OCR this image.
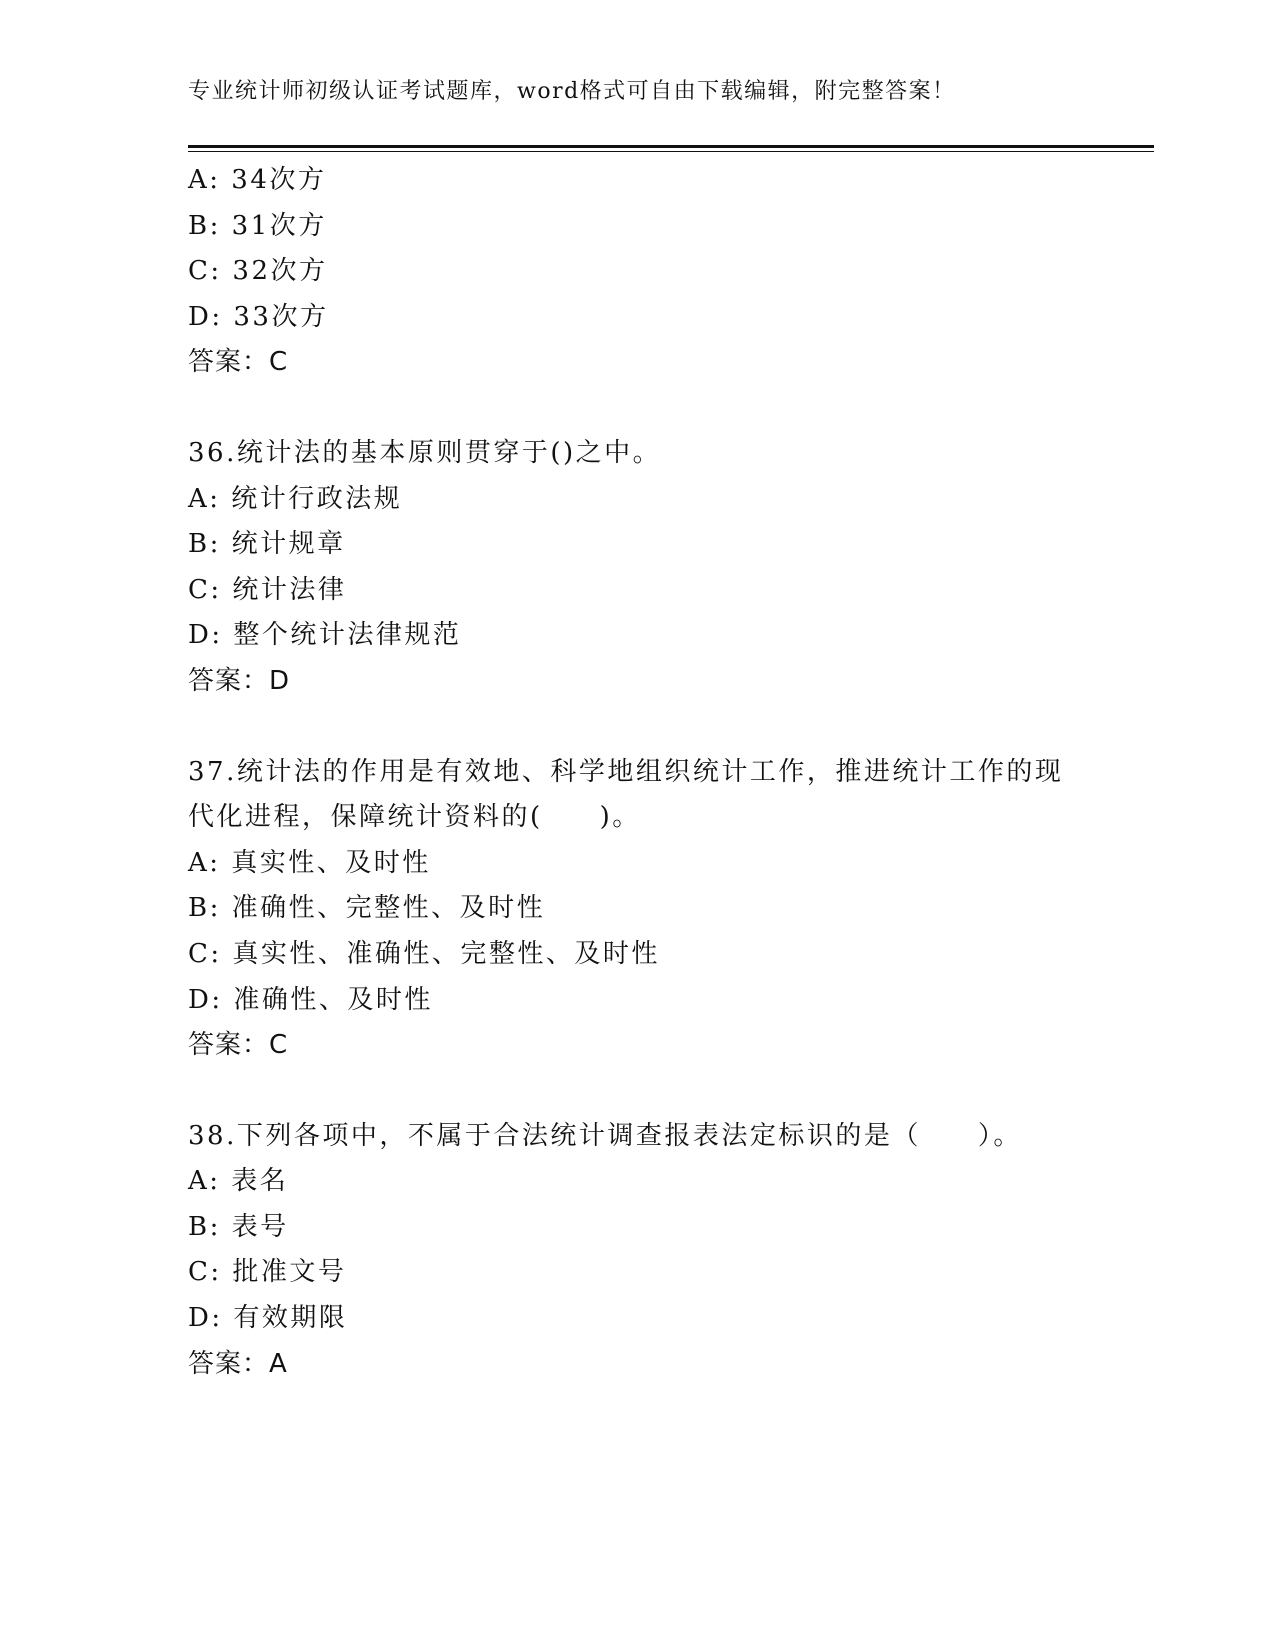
专业统计师初级认证考试题库，word格式可自由下载编辑，附完整答案！
A: 34次方
B: 31次方
C: 32次方
D: 33次方
答案：C
36.统计法的基本原则贯穿于()之中。
A: 统计行政法规
B: 统计规章
C: 统计法律
D: 整个统计法律规范
答案：D
37.统计法的作用是有效地、科学地组织统计工作，推进统计工作的现
代化进程，保障统计资料的(　　)。
A: 真实性、及时性
B: 准确性、完整性、及时性
C: 真实性、准确性、完整性、及时性
D: 准确性、及时性
答案：C
38.下列各项中，不属于合法统计调查报表法定标识的是（　　）。
A: 表名
B: 表号
C: 批准文号
D: 有效期限
答案：A
